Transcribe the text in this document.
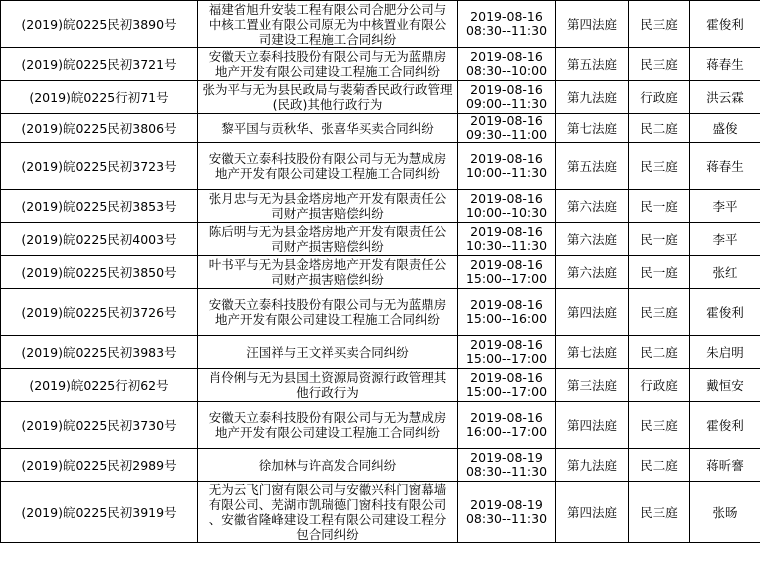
(2019)皖0225民初3890号	福建省旭升安装工程有限公司合肥分公司与
中核工置业有限公司原无为中核置业有限公
司建设工程施工合同纠纷	2019-08-16
08:30--11:30	第四法庭	民三庭	霍俊利
(2019)皖0225民初3721号	安徽天立泰科技股份有限公司与无为蓝鼎房
地产开发有限公司建设工程施工合同纠纷	2019-08-16
08:30--10:00	第五法庭	民三庭	蒋春生
(2019)皖0225行初71号	张为平与无为县民政局与裴菊香民政行政管理
(民政)其他行政行为	2019-08-16
09:00--11:30	第九法庭	行政庭	洪云霖
(2019)皖0225民初3806号	黎平国与贡秋华、张喜华买卖合同纠纷	2019-08-16
09:30--11:00	第七法庭	民二庭	盛俊
(2019)皖0225民初3723号	安徽天立泰科技股份有限公司与无为慧成房
地产开发有限公司建设工程施工合同纠纷	2019-08-16
10:00--11:30	第五法庭	民三庭	蒋春生
(2019)皖0225民初3853号	张月忠与无为县金塔房地产开发有限责任公
司财产损害赔偿纠纷	2019-08-16
10:00--10:30	第六法庭	民一庭	李平
(2019)皖0225民初4003号	陈后明与无为县金塔房地产开发有限责任公
司财产损害赔偿纠纷	2019-08-16
10:30--11:30	第六法庭	民一庭	李平
(2019)皖0225民初3850号	叶书平与无为县金塔房地产开发有限责任公
司财产损害赔偿纠纷	2019-08-16
15:00--17:00	第六法庭	民一庭	张红
(2019)皖0225民初3726号	安徽天立泰科技股份有限公司与无为蓝鼎房
地产开发有限公司建设工程施工合同纠纷	2019-08-16
15:00--16:00	第四法庭	民三庭	霍俊利
(2019)皖0225民初3983号	汪国祥与王文祥买卖合同纠纷	2019-08-16
15:00--17:00	第七法庭	民二庭	朱启明
(2019)皖0225行初62号	肖伶俐与无为县国土资源局资源行政管理其
他行政行为	2019-08-16
15:00--17:00	第三法庭	行政庭	戴恒安
(2019)皖0225民初3730号	安徽天立泰科技股份有限公司与无为慧成房
地产开发有限公司建设工程施工合同纠纷	2019-08-16
16:00--17:00	第四法庭	民三庭	霍俊利
(2019)皖0225民初2989号	徐加林与许高发合同纠纷	2019-08-19
08:30--11:30	第九法庭	民二庭	蒋昕謇
(2019)皖0225民初3919号	无为云飞门窗有限公司与安徽兴科门窗幕墙
有限公司、芜湖市凯瑞德门窗科技有限公司
、安徽省隆峰建设工程有限公司建设工程分
包合同纠纷	2019-08-19
08:30--11:30	第四法庭	民三庭	张旸
